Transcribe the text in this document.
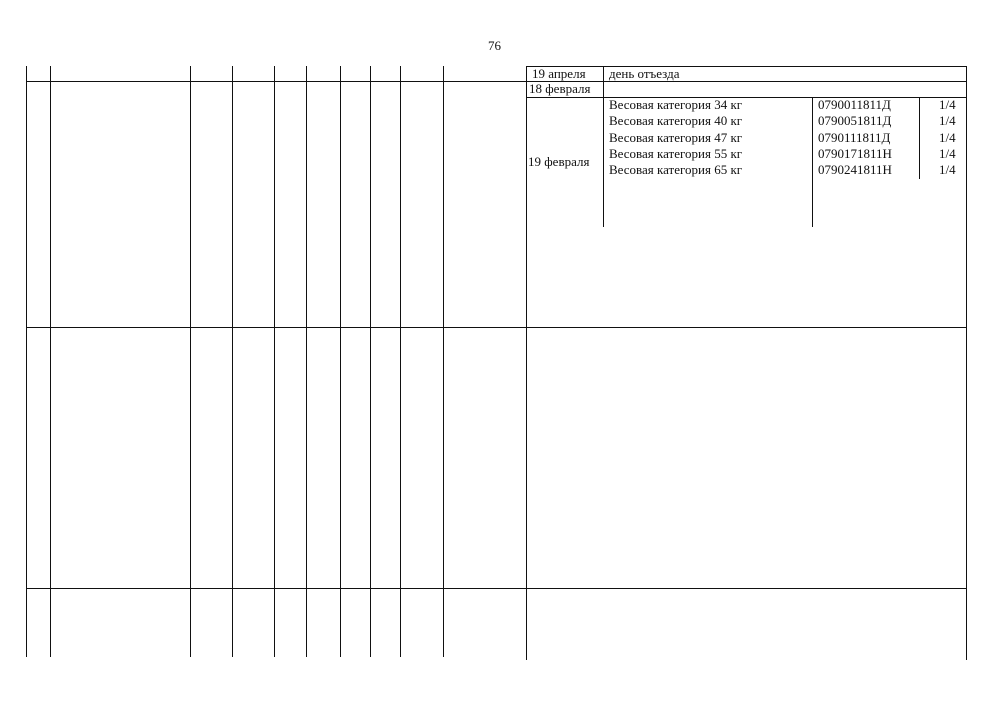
76
19 апреля день отъезда
18 февраля
19 февраля
Весовая категория 34 кг	0790011811Д	1/4
Весовая категория 40 кг	0790051811Д	1/4
Весовая категория 47 кг	0790111811Д	1/4
Весовая категория 55 кг	0790171811Н	1/4
Весовая категория 65 кг	0790241811Н	1/4
